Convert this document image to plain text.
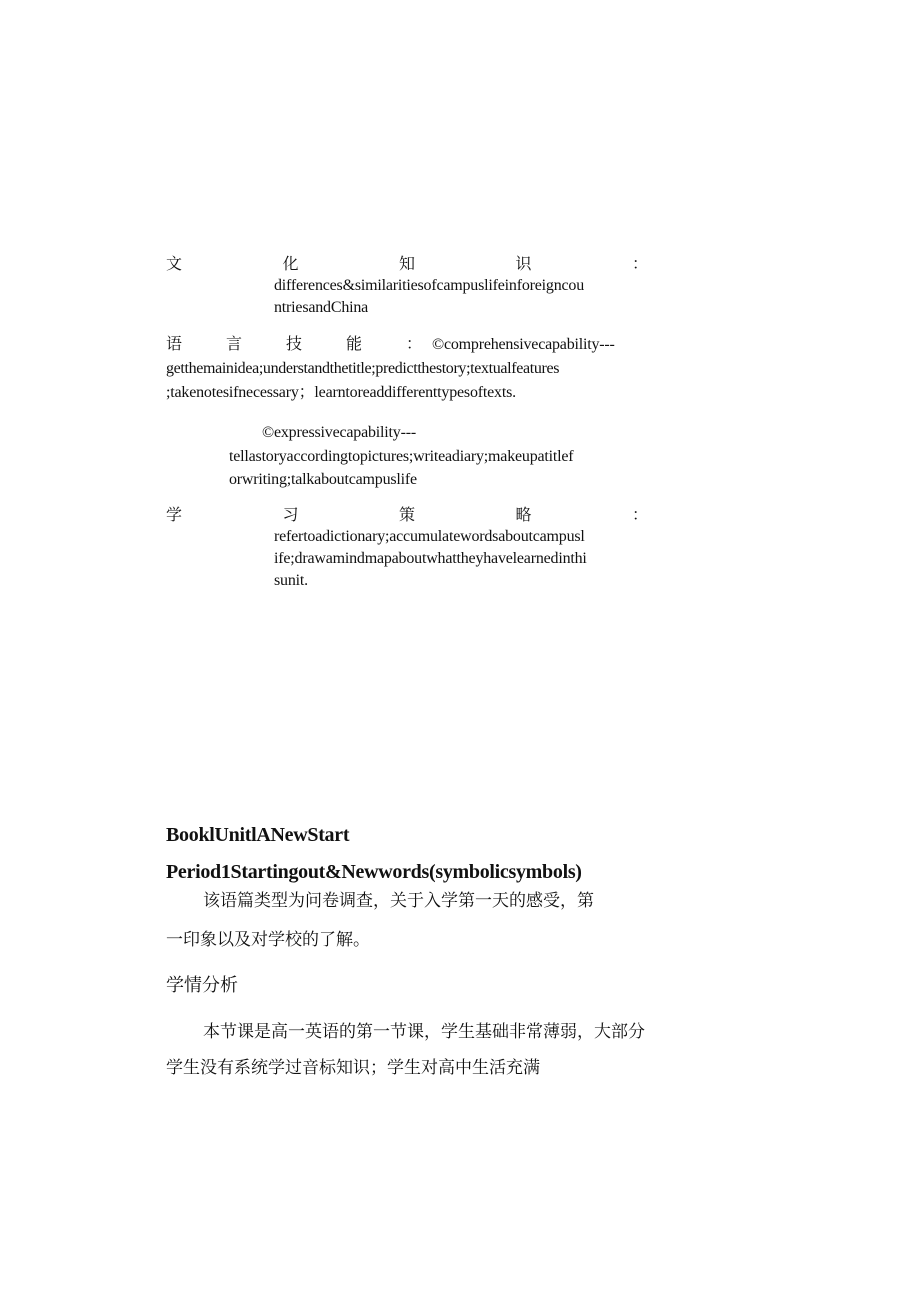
文	化	知	识	：
differences&similaritiesofcampuslifeinforeigncou
ntriesandChina
语	言	技	能	： ©comprehensivecapability---
getthemainidea;understandthetitle;predictthestory;textualfeatures
;takenotesifnecessary；learntoreaddifferenttypesoftexts.
©expressivecapability---
tellastoryaccordingtopictures;writeadiary;makeupatitlef
orwriting;talkaboutcampuslife
学	习	策	略	：
refertoadictionary;accumulatewordsaboutcampusl
ife;drawamindmapaboutwhattheyhavelearnedinthi
sunit.
BooklUnitlANewStart
Period1Startingout&Newwords(symbolicsymbols)
该语篇类型为问卷调查，关于入学第一天的感受，第
一印象以及对学校的了解。
学情分析
本节课是高一英语的第一节课，学生基础非常薄弱，大部分
学生没有系统学过音标知识；学生对高中生活充满
